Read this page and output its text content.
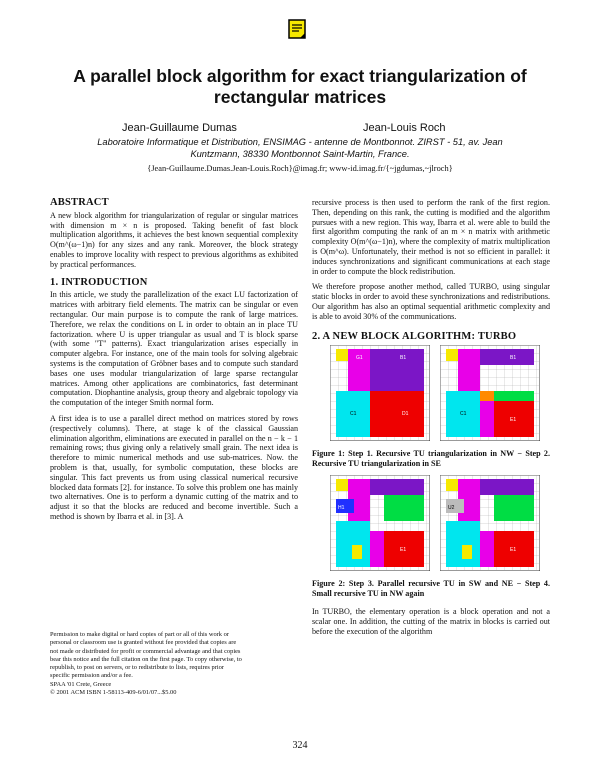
A parallel block algorithm for exact triangularization of
rectangular matrices
Jean-Guillaume Dumas	Jean-Louis Roch
Laboratoire Informatique et Distribution, ENSIMAG - antenne de Montbonnot. ZIRST - 51, av. Jean
Kuntzmann, 38330 Montbonnot Saint-Martin, France.
{Jean-Guillaume.Dumas.Jean-Louis.Roch}@imag.fr; www-id.imag.fr/{~jgdumas,~jlroch}
ABSTRACT

A new block algorithm for triangularization of regular or singular matrices with dimension m × n is proposed. Taking benefit of fast block multiplication algorithms, it achieves the best known sequential complexity O(m^(ω−1)n) for any sizes and any rank. Moreover, the block strategy enables to improve locality with respect to previous algorithms as exhibited by practical performances.

1. INTRODUCTION

In this article, we study the parallelization of the exact LU factorization of matrices with arbitrary field elements. The matrix can be singular or even rectangular. Our main purpose is to compute the rank of large matrices. Therefore, we relax the conditions on L in order to obtain an in place TU factorization. where U is upper triangular as usual and T is block sparse (with some "T" patterns). Exact triangularization arises especially in computer algebra. For instance, one of the main tools for solving algebraic systems is the computation of Gröbner bases and to compute such standard bases one uses modular triangularization of large sparse rectangular matrices. Among other applications are combinatorics, fast determinant computation. Diophantine analysis, group theory and algebraic topology via the computation of the integer Smith normal form.

A first idea is to use a parallel direct method on matrices stored by rows (respectively columns). There, at stage k of the classical Gaussian elimination algorithm, eliminations are executed in parallel on the n − k − 1 remaining rows; thus giving only a relatively small grain. The next idea is therefore to mimic numerical methods and use sub-matrices. Now. the problem is that, usually, for symbolic computation, these blocks are singular. This fact prevents us from using classical numerical recursive blocked data formats [2]. for instance. To solve this problem one has mainly two alternatives. One is to perform a dynamic cutting of the matrix and to adjust it so that the blocks are reduced and become invertible. Such a method is shown by Ibarra et al. in [3]. A

Permission to make digital or hard copies of part or all of this work or
personal or classroom use is granted without fee provided that copies are
not made or distributed for profit or commercial advantage and that copies
bear this notice and the full citation on the first page. To copy otherwise, to
republish, to post on servers, or to redistribute to lists, requires prior
specific permission and/or a fee.
SPAA '01 Crete, Greece
© 2001 ACM ISBN 1-58113-409-6/01/07...$5.00

recursive process is then used to perform the rank of the first region. Then, depending on this rank, the cutting is modified and the algorithm pursues with a new region. This way, Ibarra et al. were able to build the first algorithm computing the rank of an m × n matrix with arithmetic complexity O(m^(ω−1)n), where the complexity of matrix multiplication is O(m^ω). Unfortunately, their method is not so efficient in parallel: it induces synchronizations and significant communications at each stage in order to compute the block redistribution.

We therefore propose another method, called TURBO, using singular static blocks in order to avoid these synchronizations and redistributions. Our algorithm has also an optimal sequential arithmetic complexity and is able to avoid 30% of the communications.

2. A NEW BLOCK ALGORITHM: TURBO
G1	B1
C1	D1
B1
C1
E1
Figure 1: Step 1. Recursive TU triangularization in NW − Step 2. Recursive TU triangularization in SE
H1
E1
U2
E1
Figure 2: Step 3. Parallel recursive TU in SW and NE − Step 4. Small recursive TU in NW again

In TURBO, the elementary operation is a block operation and not a scalar one. In addition, the cutting of the matrix in blocks is carried out before the execution of the algorithm

324
